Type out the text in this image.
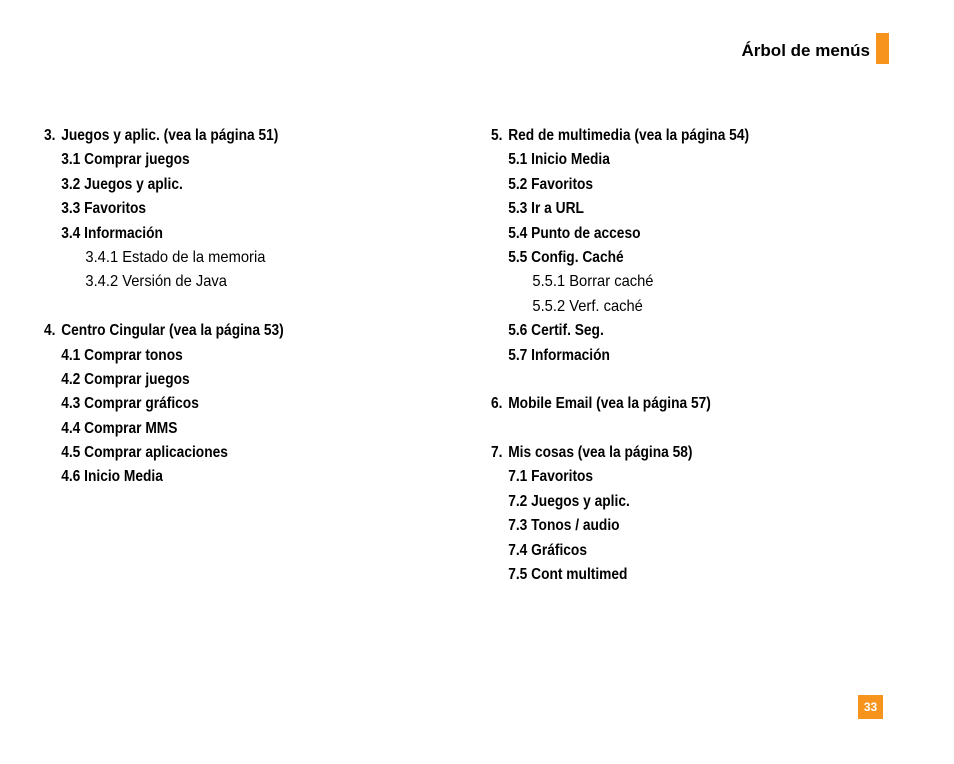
Árbol de menús
3. Juegos y aplic. (vea la página 51)
3.1 Comprar juegos
3.2 Juegos y aplic.
3.3 Favoritos
3.4 Información
3.4.1 Estado de la memoria
3.4.2 Versión de Java
4. Centro Cingular (vea la página 53)
4.1 Comprar tonos
4.2 Comprar juegos
4.3 Comprar gráficos
4.4 Comprar MMS
4.5 Comprar aplicaciones
4.6 Inicio Media
5. Red de multimedia (vea la página 54)
5.1 Inicio Media
5.2 Favoritos
5.3 Ir a URL
5.4 Punto de acceso
5.5 Config. Caché
5.5.1 Borrar caché
5.5.2 Verf. caché
5.6 Certif. Seg.
5.7 Información
6. Mobile Email (vea la página 57)
7. Mis cosas (vea la página 58)
7.1 Favoritos
7.2 Juegos y aplic.
7.3 Tonos / audio
7.4 Gráficos
7.5 Cont multimed
33
